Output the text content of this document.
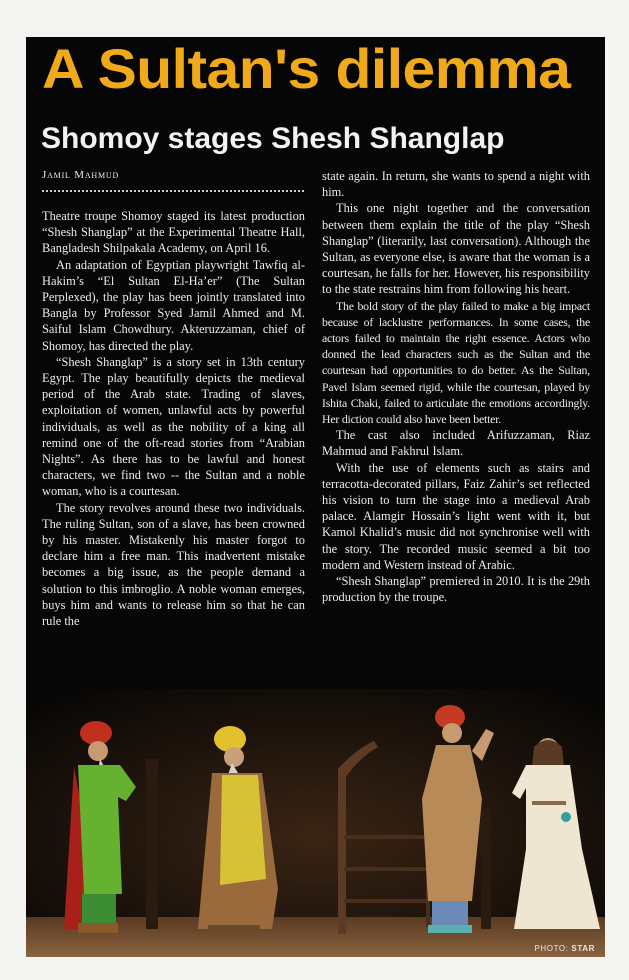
A Sultan's dilemma
Shomoy stages Shesh Shanglap
Jamil Mahmud

Theatre troupe Shomoy staged its latest production “Shesh Shanglap” at the Experimental Theatre Hall, Bangladesh Shilpakala Academy, on April 16.

An adaptation of Egyptian playwright Tawfiq al-Hakim’s “El Sultan El-Ha’er” (The Sultan Perplexed), the play has been jointly translated into Bangla by Professor Syed Jamil Ahmed and M. Saiful Islam Chowdhury. Akteruzzaman, chief of Shomoy, has directed the play.

“Shesh Shanglap” is a story set in 13th century Egypt. The play beautifully depicts the medieval period of the Arab state. Trading of slaves, exploitation of women, unlawful acts by powerful individuals, as well as the nobility of a king all remind one of the oft-read stories from “Arabian Nights”. As there has to be lawful and honest characters, we find two -- the Sultan and a noble woman, who is a courtesan.

The story revolves around these two individuals. The ruling Sultan, son of a slave, has been crowned by his master. Mistakenly his master forgot to declare him a free man. This inadvertent mistake becomes a big issue, as the people demand a solution to this imbroglio. A noble woman emerges, buys him and wants to release him so that he can rule the

state again. In return, she wants to spend a night with him.

This one night together and the conversation between them explain the title of the play “Shesh Shanglap” (literarily, last conversation). Although the Sultan, as everyone else, is aware that the woman is a courtesan, he falls for her. However, his responsibility to the state restrains him from following his heart.

The bold story of the play failed to make a big impact because of lacklustre performances. In some cases, the actors failed to maintain the right essence. Actors who donned the lead characters such as the Sultan and the courtesan had opportunities to do better. As the Sultan, Pavel Islam seemed rigid, while the courtesan, played by Ishita Chaki, failed to articulate the emotions accordingly. Her diction could also have been better.

The cast also included Arifuzzaman, Riaz Mahmud and Fakhrul Islam.

With the use of elements such as stairs and terracotta-decorated pillars, Faiz Zahir’s set reflected his vision to turn the stage into a medieval Arab palace. Alamgir Hossain’s light went with it, but Kamol Khalid’s music did not synchronise well with the story. The recorded music seemed a bit too modern and Western instead of Arabic.

“Shesh Shanglap” premiered in 2010. It is the 29th production by the troupe.

PHOTO: STAR
